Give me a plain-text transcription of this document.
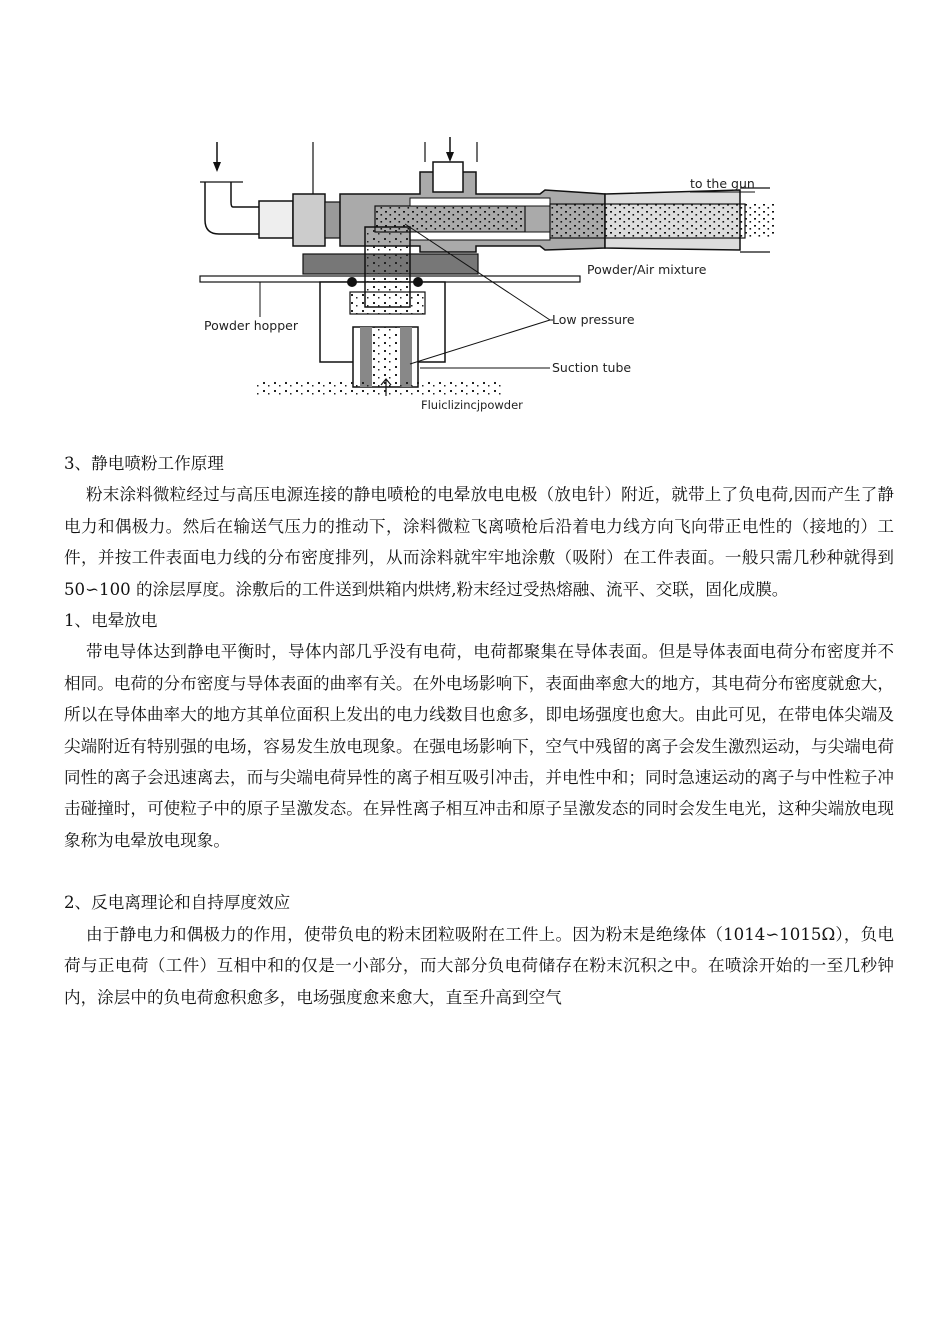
to the gun
Powder/Air mixture
Powder hopper	Low pressure
Suction tube
Fluiclizincjpowder

3、静电喷粉工作原理

粉末涂料微粒经过与高压电源连接的静电喷枪的电晕放电电极（放电针）附近，就带上了负电荷,因而产生了静电力和偶极力。然后在输送气压力的推动下，涂料微粒飞离喷枪后沿着电力线方向飞向带正电性的（接地的）工件，并按工件表面电力线的分布密度排列，从而涂料就牢牢地涂敷（吸附）在工件表面。一般只需几秒种就得到 50∽100 的涂层厚度。涂敷后的工件送到烘箱内烘烤,粉末经过受热熔融、流平、交联，固化成膜。

1、电晕放电

带电导体达到静电平衡时，导体内部几乎没有电荷，电荷都聚集在导体表面。但是导体表面电荷分布密度并不相同。电荷的分布密度与导体表面的曲率有关。在外电场影响下，表面曲率愈大的地方，其电荷分布密度就愈大，所以在导体曲率大的地方其单位面积上发出的电力线数目也愈多，即电场强度也愈大。由此可见，在带电体尖端及尖端附近有特别强的电场，容易发生放电现象。在强电场影响下，空气中残留的离子会发生激烈运动，与尖端电荷同性的离子会迅速离去，而与尖端电荷异性的离子相互吸引冲击，并电性中和；同时急速运动的离子与中性粒子冲击碰撞时，可使粒子中的原子呈激发态。在异性离子相互冲击和原子呈激发态的同时会发生电光，这种尖端放电现象称为电晕放电现象。

2、反电离理论和自持厚度效应

由于静电力和偶极力的作用，使带负电的粉末团粒吸附在工件上。因为粉末是绝缘体（1014∽1015Ω），负电荷与正电荷（工件）互相中和的仅是一小部分，而大部分负电荷储存在粉末沉积之中。在喷涂开始的一至几秒钟内，涂层中的负电荷愈积愈多，电场强度愈来愈大，直至升高到空气
